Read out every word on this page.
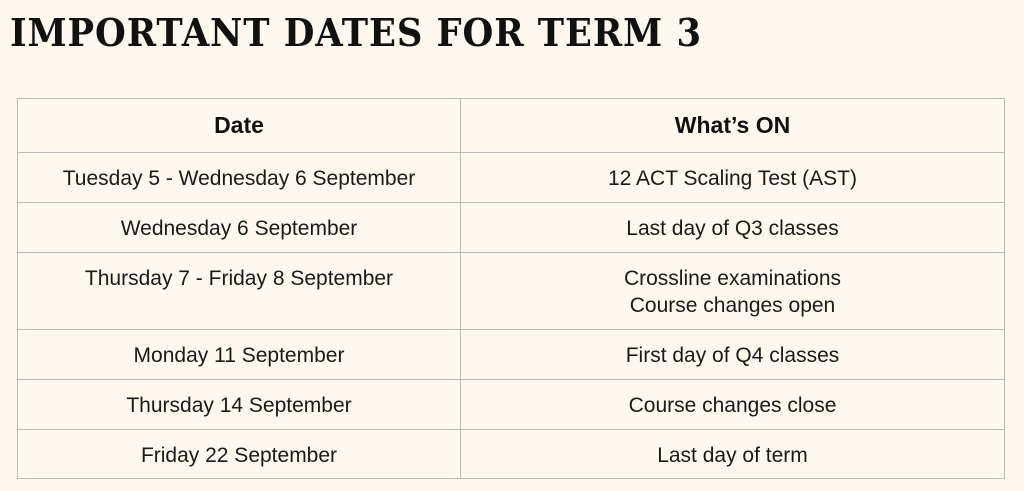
IMPORTANT DATES FOR TERM 3
Date	What’s ON
Tuesday 5 - Wednesday 6 September	12 ACT Scaling Test (AST)

Wednesday 6 September	Last day of Q3 classes

Thursday 7 - Friday 8 September	Crossline examinations
Course changes open

Monday 11 September	First day of Q4 classes

Thursday 14 September	Course changes close

Friday 22 September	Last day of term
